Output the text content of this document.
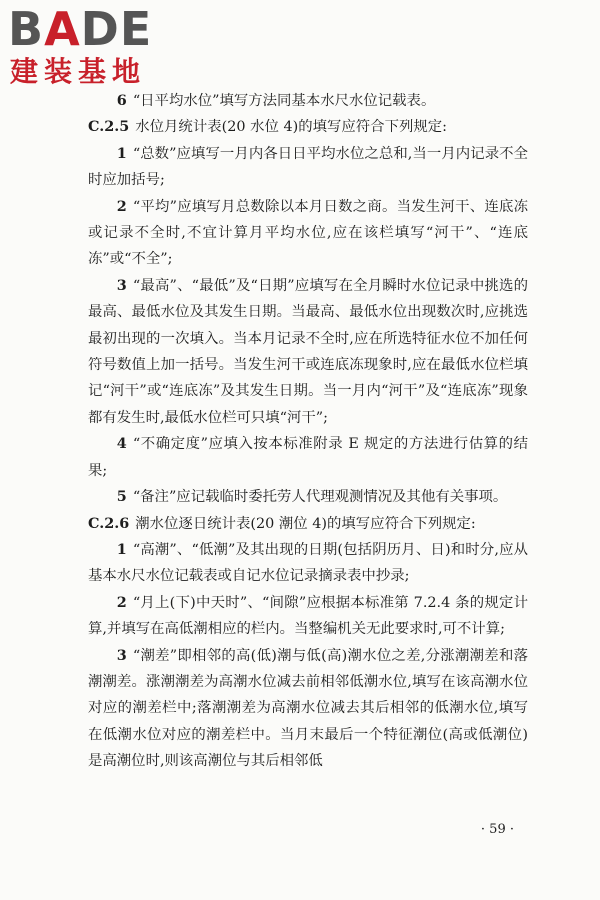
BADE
建装基地

6 “日平均水位”填写方法同基本水尺水位记载表。

C.2.5 水位月统计表(20 水位 4)的填写应符合下列规定:

1 “总数”应填写一月内各日日平均水位之总和,当一月内记录不全时应加括号;

2 “平均”应填写月总数除以本月日数之商。当发生河干、连底冻或记录不全时,不宜计算月平均水位,应在该栏填写“河干”、“连底冻”或“不全”;

3 “最高”、“最低”及“日期”应填写在全月瞬时水位记录中挑选的最高、最低水位及其发生日期。当最高、最低水位出现数次时,应挑选最初出现的一次填入。当本月记录不全时,应在所选特征水位不加任何符号数值上加一括号。当发生河干或连底冻现象时,应在最低水位栏填记“河干”或“连底冻”及其发生日期。当一月内“河干”及“连底冻”现象都有发生时,最低水位栏可只填“河干”;

4 “不确定度”应填入按本标准附录 E 规定的方法进行估算的结果;

5 “备注”应记载临时委托劳人代理观测情况及其他有关事项。

C.2.6 潮水位逐日统计表(20 潮位 4)的填写应符合下列规定:

1 “高潮”、“低潮”及其出现的日期(包括阴历月、日)和时分,应从基本水尺水位记载表或自记水位记录摘录表中抄录;

2 “月上(下)中天时”、“间隙”应根据本标准第 7.2.4 条的规定计算,并填写在高低潮相应的栏内。当整编机关无此要求时,可不计算;

3 “潮差”即相邻的高(低)潮与低(高)潮水位之差,分涨潮潮差和落潮潮差。涨潮潮差为高潮水位减去前相邻低潮水位,填写在该高潮水位对应的潮差栏中;落潮潮差为高潮水位减去其后相邻的低潮水位,填写在低潮水位对应的潮差栏中。当月末最后一个特征潮位(高或低潮位)是高潮位时,则该高潮位与其后相邻低

· 59 ·
